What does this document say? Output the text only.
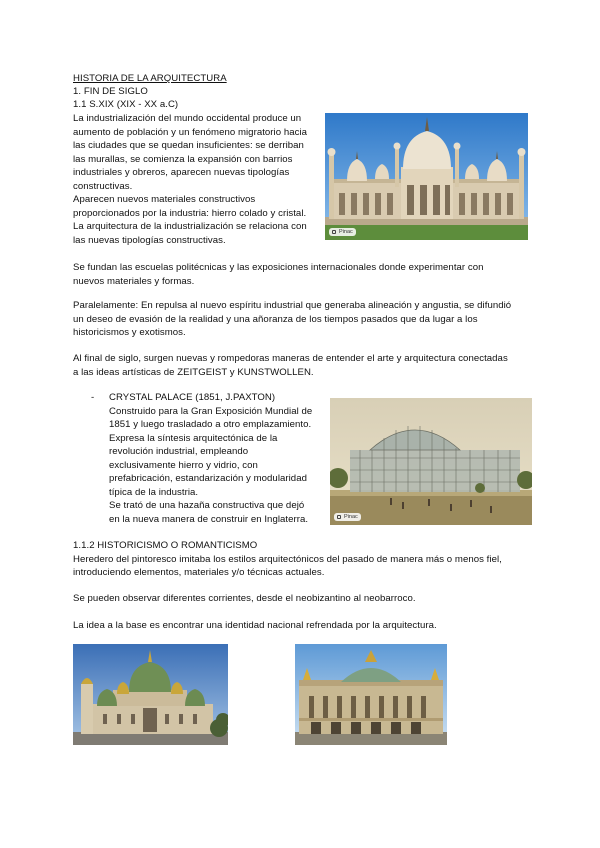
HISTORIA DE LA ARQUITECTURA
1. FIN DE SIGLO
1.1 S.XIX (XIX - XX a.C)
La industrialización del mundo occidental produce un
aumento de población y un fenómeno migratorio hacia
las ciudades que se quedan insuficientes: se derriban
las murallas, se comienza la expansión con barrios
industriales y obreros, aparecen nuevas tipologías
constructivas.
Aparecen nuevos materiales constructivos
proporcionados por la industria: hierro colado y cristal.
La arquitectura de la industrialización se relaciona con
las nuevas tipologías constructivas.
Pinac
Se fundan las escuelas politécnicas y las exposiciones internacionales donde experimentar con
nuevos materiales y formas.
Paralelamente: En repulsa al nuevo espíritu industrial que generaba alineación y angustia, se difundió
un deseo de evasión de la realidad y una añoranza de los tiempos pasados que da lugar a los
historicismos y exotismos.
Al final de siglo, surgen nuevas y rompedoras maneras de entender el arte y arquitectura conectadas
a las ideas artísticas de ZEITGEIST y KUNSTWOLLEN.
- CRYSTAL PALACE (1851, J.PAXTON)
Construido para la Gran Exposición Mundial de
1851 y luego trasladado a otro emplazamiento.
Expresa la síntesis arquitectónica de la
revolución industrial, empleando
exclusivamente hierro y vidrio, con
prefabricación, estandarización y modularidad
típica de la industria.
Se trató de una hazaña constructiva que dejó
en la nueva manera de construir en Inglaterra.	Pinac
1.1.2 HISTORICISMO O ROMANTICISMO
Heredero del pintoresco imitaba los estilos arquitectónicos del pasado de manera más o menos fiel,
introduciendo elementos, materiales y/o técnicas actuales.
Se pueden observar diferentes corrientes, desde el neobizantino al neobarroco.
La idea a la base es encontrar una identidad nacional refrendada por la arquitectura.
